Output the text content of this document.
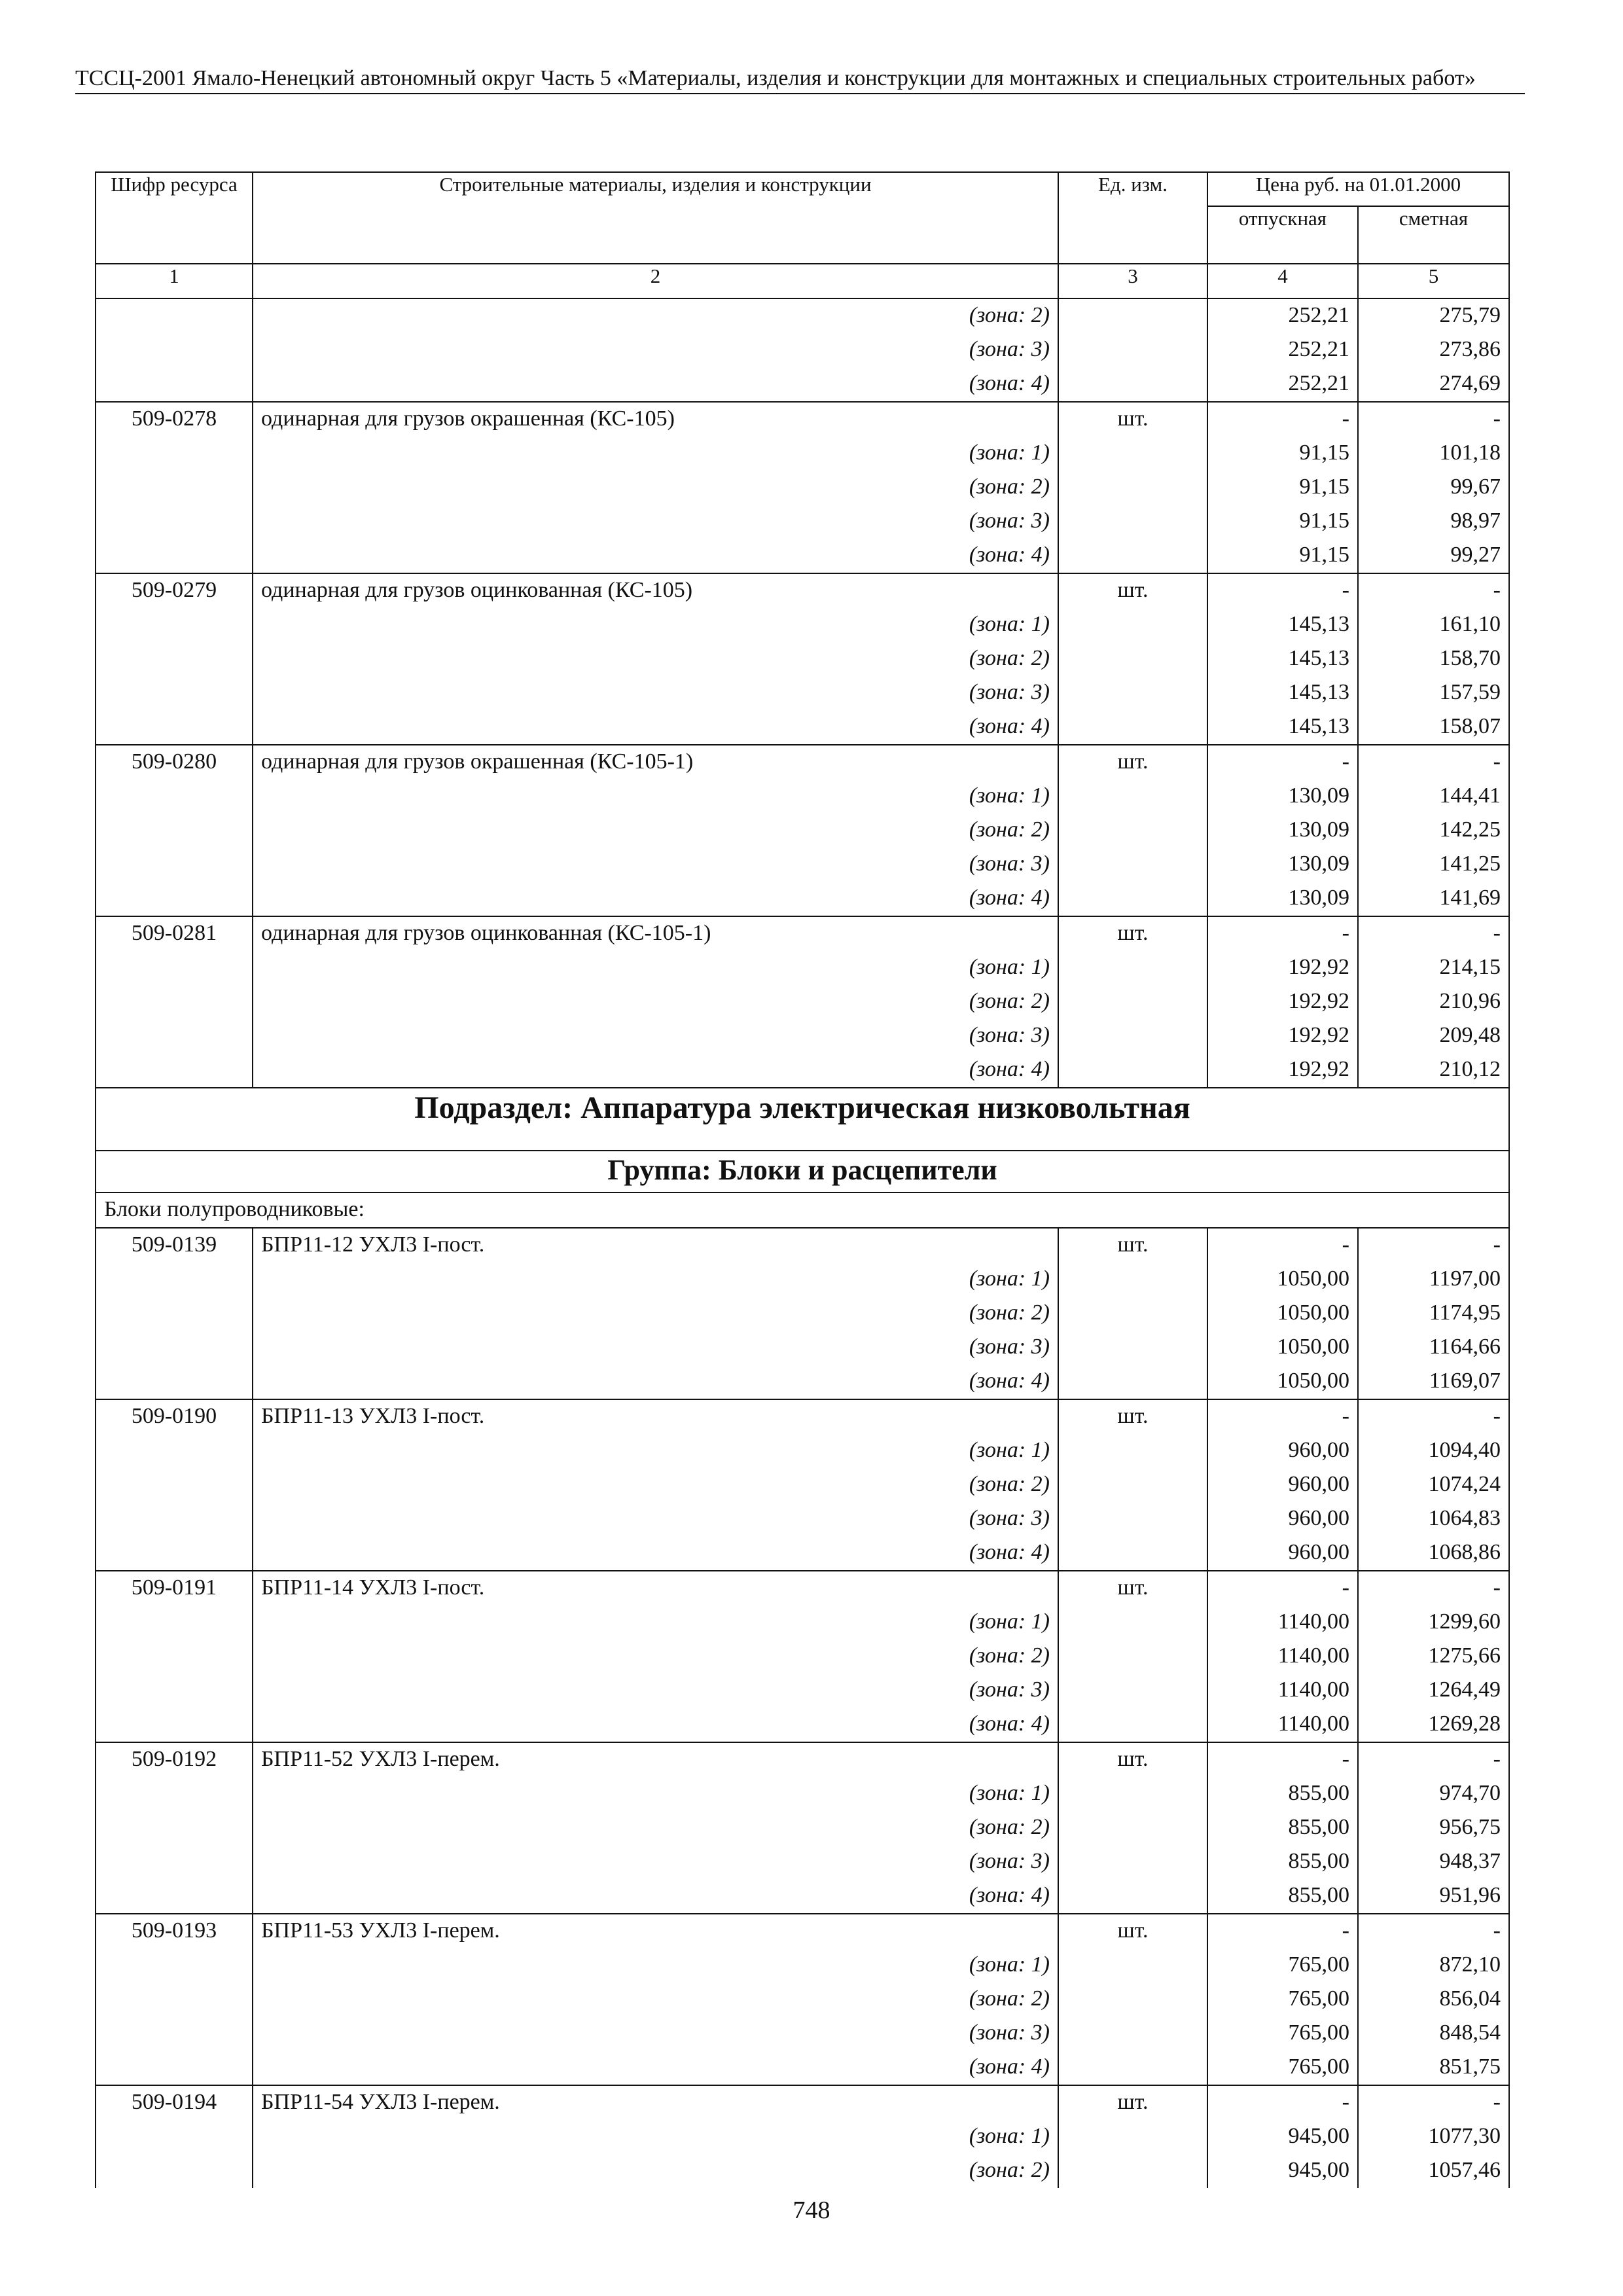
ТССЦ-2001 Ямало-Ненецкий автономный округ Часть 5 «Материалы, изделия и конструкции для монтажных и специальных строительных работ»
Шифр ресурса	Строительные материалы, изделия и конструкции	Ед. изм.	Цена руб. на 01.01.2000	
			отпускная	сметная
1	2	3	4	5
	(зона: 2)		252,21	275,79
	(зона: 3)		252,21	273,86
	(зона: 4)		252,21	274,69
509-0278	одинарная для грузов окрашенная (КС-105)	шт.	-	-
	(зона: 1)		91,15	101,18
	(зона: 2)		91,15	99,67
	(зона: 3)		91,15	98,97
	(зона: 4)		91,15	99,27
509-0279	одинарная для грузов оцинкованная (КС-105)	шт.	-	-
	(зона: 1)		145,13	161,10
	(зона: 2)		145,13	158,70
	(зона: 3)		145,13	157,59
	(зона: 4)		145,13	158,07
509-0280	одинарная для грузов окрашенная (КС-105-1)	шт.	-	-
	(зона: 1)		130,09	144,41
	(зона: 2)		130,09	142,25
	(зона: 3)		130,09	141,25
	(зона: 4)		130,09	141,69
509-0281	одинарная для грузов оцинкованная (КС-105-1)	шт.	-	-
	(зона: 1)		192,92	214,15
	(зона: 2)		192,92	210,96
	(зона: 3)		192,92	209,48
	(зона: 4)		192,92	210,12
Подраздел: Аппаратура электрическая низковольтная				
Группа: Блоки и расцепители				
Блоки полупроводниковые:				
509-0139	БПР11-12 УХЛ3 I-пост.	шт.	-	-
	(зона: 1)		1050,00	1197,00
	(зона: 2)		1050,00	1174,95
	(зона: 3)		1050,00	1164,66
	(зона: 4)		1050,00	1169,07
509-0190	БПР11-13 УХЛ3 I-пост.	шт.	-	-
	(зона: 1)		960,00	1094,40
	(зона: 2)		960,00	1074,24
	(зона: 3)		960,00	1064,83
	(зона: 4)		960,00	1068,86
509-0191	БПР11-14 УХЛ3 I-пост.	шт.	-	-
	(зона: 1)		1140,00	1299,60
	(зона: 2)		1140,00	1275,66
	(зона: 3)		1140,00	1264,49
	(зона: 4)		1140,00	1269,28
509-0192	БПР11-52 УХЛ3 I-перем.	шт.	-	-
	(зона: 1)		855,00	974,70
	(зона: 2)		855,00	956,75
	(зона: 3)		855,00	948,37
	(зона: 4)		855,00	951,96
509-0193	БПР11-53 УХЛ3 I-перем.	шт.	-	-
	(зона: 1)		765,00	872,10
	(зона: 2)		765,00	856,04
	(зона: 3)		765,00	848,54
	(зона: 4)		765,00	851,75
509-0194	БПР11-54 УХЛ3 I-перем.	шт.	-	-
	(зона: 1)		945,00	1077,30
	(зона: 2)		945,00	1057,46
748
